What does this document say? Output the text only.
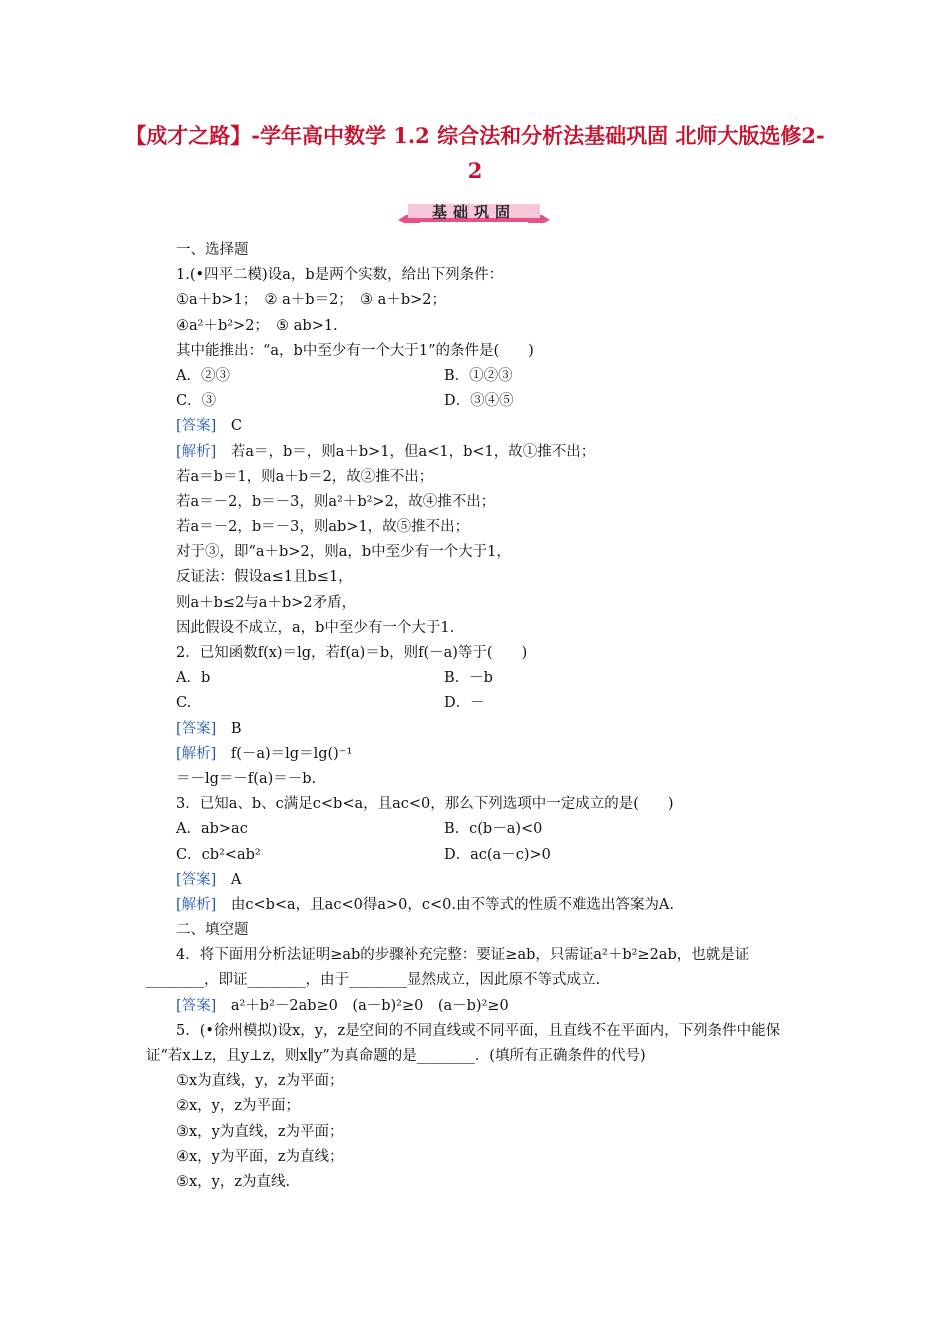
【成才之路】-学年高中数学 1.2 综合法和分析法基础巩固 北师大版选修2-2
基础巩固
一、选择题
1.(•四平二模)设a，b是两个实数，给出下列条件：
①a＋b>1；　② a＋b＝2；　③ a＋b>2；
④a²＋b²>2；　⑤ ab>1.
其中能推出：“a，b中至少有一个大于1”的条件是(　　)
A．②③	B．①②③
C．③	D．③④⑤
[答案]　 C
[解析]　 若a＝，b＝，则a＋b>1，但a<1，b<1，故①推不出；
若a＝b＝1，则a＋b＝2，故②推不出；
若a＝－2，b＝－3，则a²＋b²>2，故④推不出；
若a＝－2，b＝－3，则ab>1，故⑤推不出；
对于③，即“a＋b>2，则a，b中至少有一个大于1，
反证法：假设a≤1且b≤1，
则a＋b≤2与a＋b>2矛盾，
因此假设不成立，a，b中至少有一个大于1.
2．已知函数f(x)＝lg，若f(a)＝b，则f(－a)等于(　　)
A．b	B．－b
C.	D．－
[答案]　 B
[解析]　 f(－a)＝lg＝lg()⁻¹
＝－lg＝－f(a)＝－b.
3．已知a、b、c满足c<b<a，且ac<0，那么下列选项中一定成立的是(　　)
A．ab>ac	B．c(b－a)<0
C．cb²<ab²	D．ac(a－c)>0
[答案]　 A
[解析]　 由c<b<a，且ac<0得a>0，c<0.由不等式的性质不难选出答案为A.
二、填空题
4．将下面用分析法证明≥ab的步骤补充完整：要证≥ab，只需证a²＋b²≥2ab，也就是证________，即证________，由于________显然成立，因此原不等式成立.
[答案]　 a²＋b²－2ab≥0　(a－b)²≥0　(a－b)²≥0
5．(•徐州模拟)设x，y，z是空间的不同直线或不同平面，且直线不在平面内，下列条件中能保证“若x⊥z，且y⊥z，则x∥y”为真命题的是________．(填所有正确条件的代号)
①x为直线，y，z为平面；
②x，y，z为平面；
③x，y为直线，z为平面；
④x，y为平面，z为直线；
⑤x，y，z为直线.
